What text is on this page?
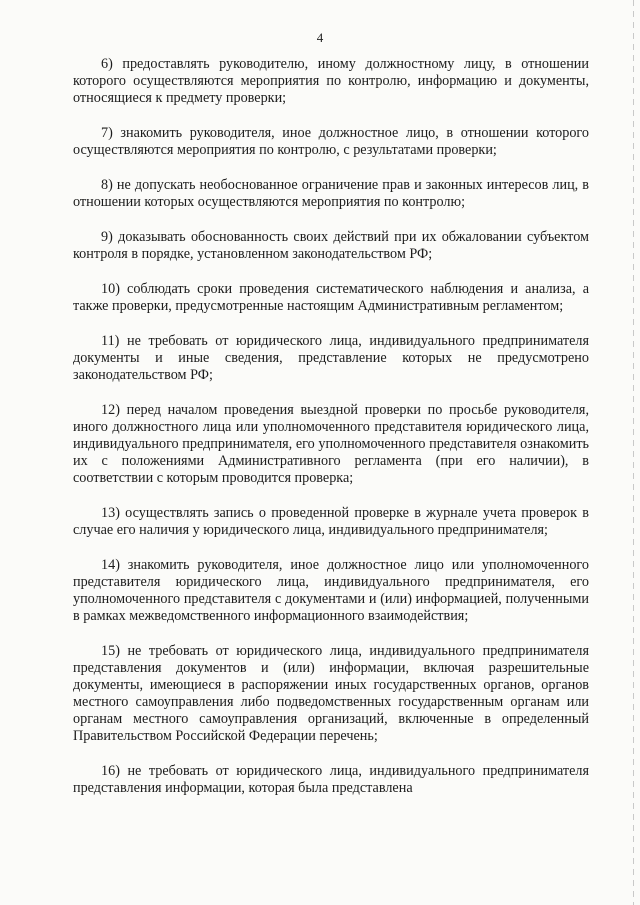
4

6) предоставлять руководителю, иному должностному лицу, в отношении которого осуществляются мероприятия по контролю, информацию и документы, относящиеся к предмету проверки;

7) знакомить руководителя, иное должностное лицо, в отношении которого осуществляются мероприятия по контролю, с результатами проверки;

8) не допускать необоснованное ограничение прав и законных интересов лиц, в отношении которых осуществляются мероприятия по контролю;

9) доказывать обоснованность своих действий при их обжаловании субъектом контроля в порядке, установленном законодательством РФ;

10) соблюдать сроки проведения систематического наблюдения и анализа, а также проверки, предусмотренные настоящим Административным регламентом;

11) не требовать от юридического лица, индивидуального предпринимателя документы и иные сведения, представление которых не предусмотрено законодательством РФ;

12) перед началом проведения выездной проверки по просьбе руководителя, иного должностного лица или уполномоченного представителя юридического лица, индивидуального предпринимателя, его уполномоченного представителя ознакомить их с положениями Административного регламента (при его наличии), в соответствии с которым проводится проверка;

13) осуществлять запись о проведенной проверке в журнале учета проверок в случае его наличия у юридического лица, индивидуального предпринимателя;

14) знакомить руководителя, иное должностное лицо или уполномоченного представителя юридического лица, индивидуального предпринимателя, его уполномоченного представителя с документами и (или) информацией, полученными в рамках межведомственного информационного взаимодействия;

15) не требовать от юридического лица, индивидуального предпринимателя представления документов и (или) информации, включая разрешительные документы, имеющиеся в распоряжении иных государственных органов, органов местного самоуправления либо подведомственных государственным органам или органам местного самоуправления организаций, включенные в определенный Правительством Российской Федерации перечень;

16) не требовать от юридического лица, индивидуального предпринимателя представления информации, которая была представлена
